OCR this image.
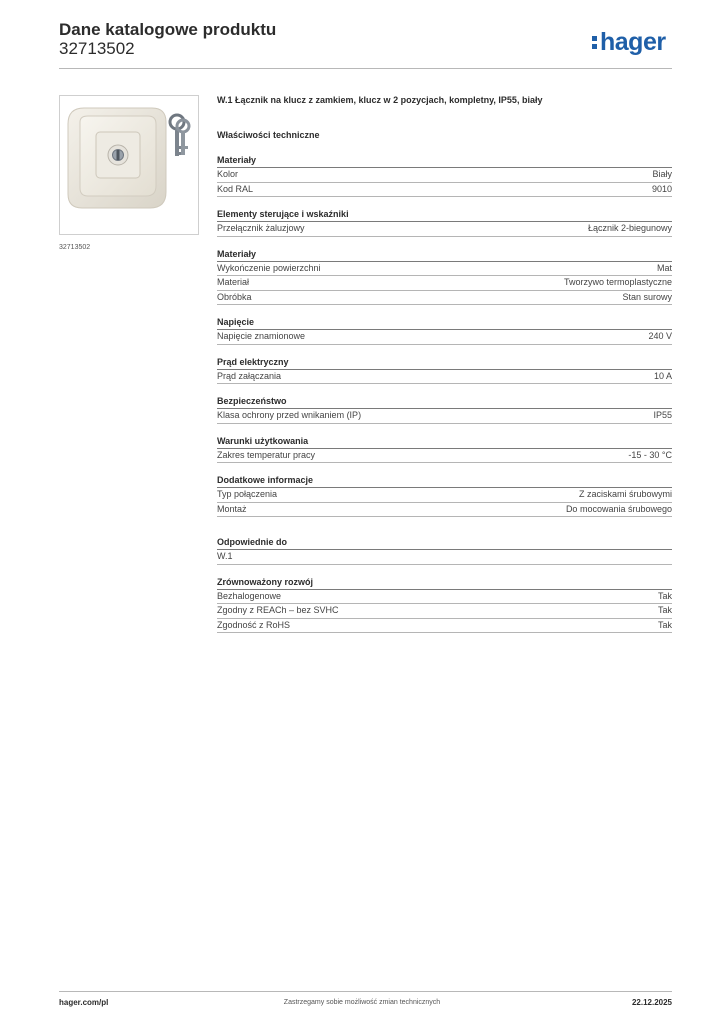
Dane katalogowe produktu
32713502	hager
32713502
W.1 Łącznik na klucz z zamkiem, klucz w 2 pozycjach, kompletny, IP55, biały
Właściwości techniczne
Materiały
Kolor	Biały
Kod RAL	9010
Elementy sterujące i wskaźniki
Przełącznik żaluzjowy	Łącznik 2-biegunowy
Materiały
Wykończenie powierzchni	Mat
Materiał	Tworzywo termoplastyczne
Obróbka	Stan surowy
Napięcie
Napięcie znamionowe	240 V
Prąd elektryczny
Prąd załączania	10 A
Bezpieczeństwo
Klasa ochrony przed wnikaniem (IP)	IP55
Warunki użytkowania
Zakres temperatur pracy	-15 - 30 °C
Dodatkowe informacje
Typ połączenia	Z zaciskami śrubowymi
Montaż	Do mocowania śrubowego
Odpowiednie do
W.1
Zrównoważony rozwój
Bezhalogenowe	Tak
Zgodny z REACh – bez SVHC	Tak
Zgodność z RoHS	Tak
hager.com/pl	Zastrzegamy sobie możliwość zmian technicznych	22.12.2025
